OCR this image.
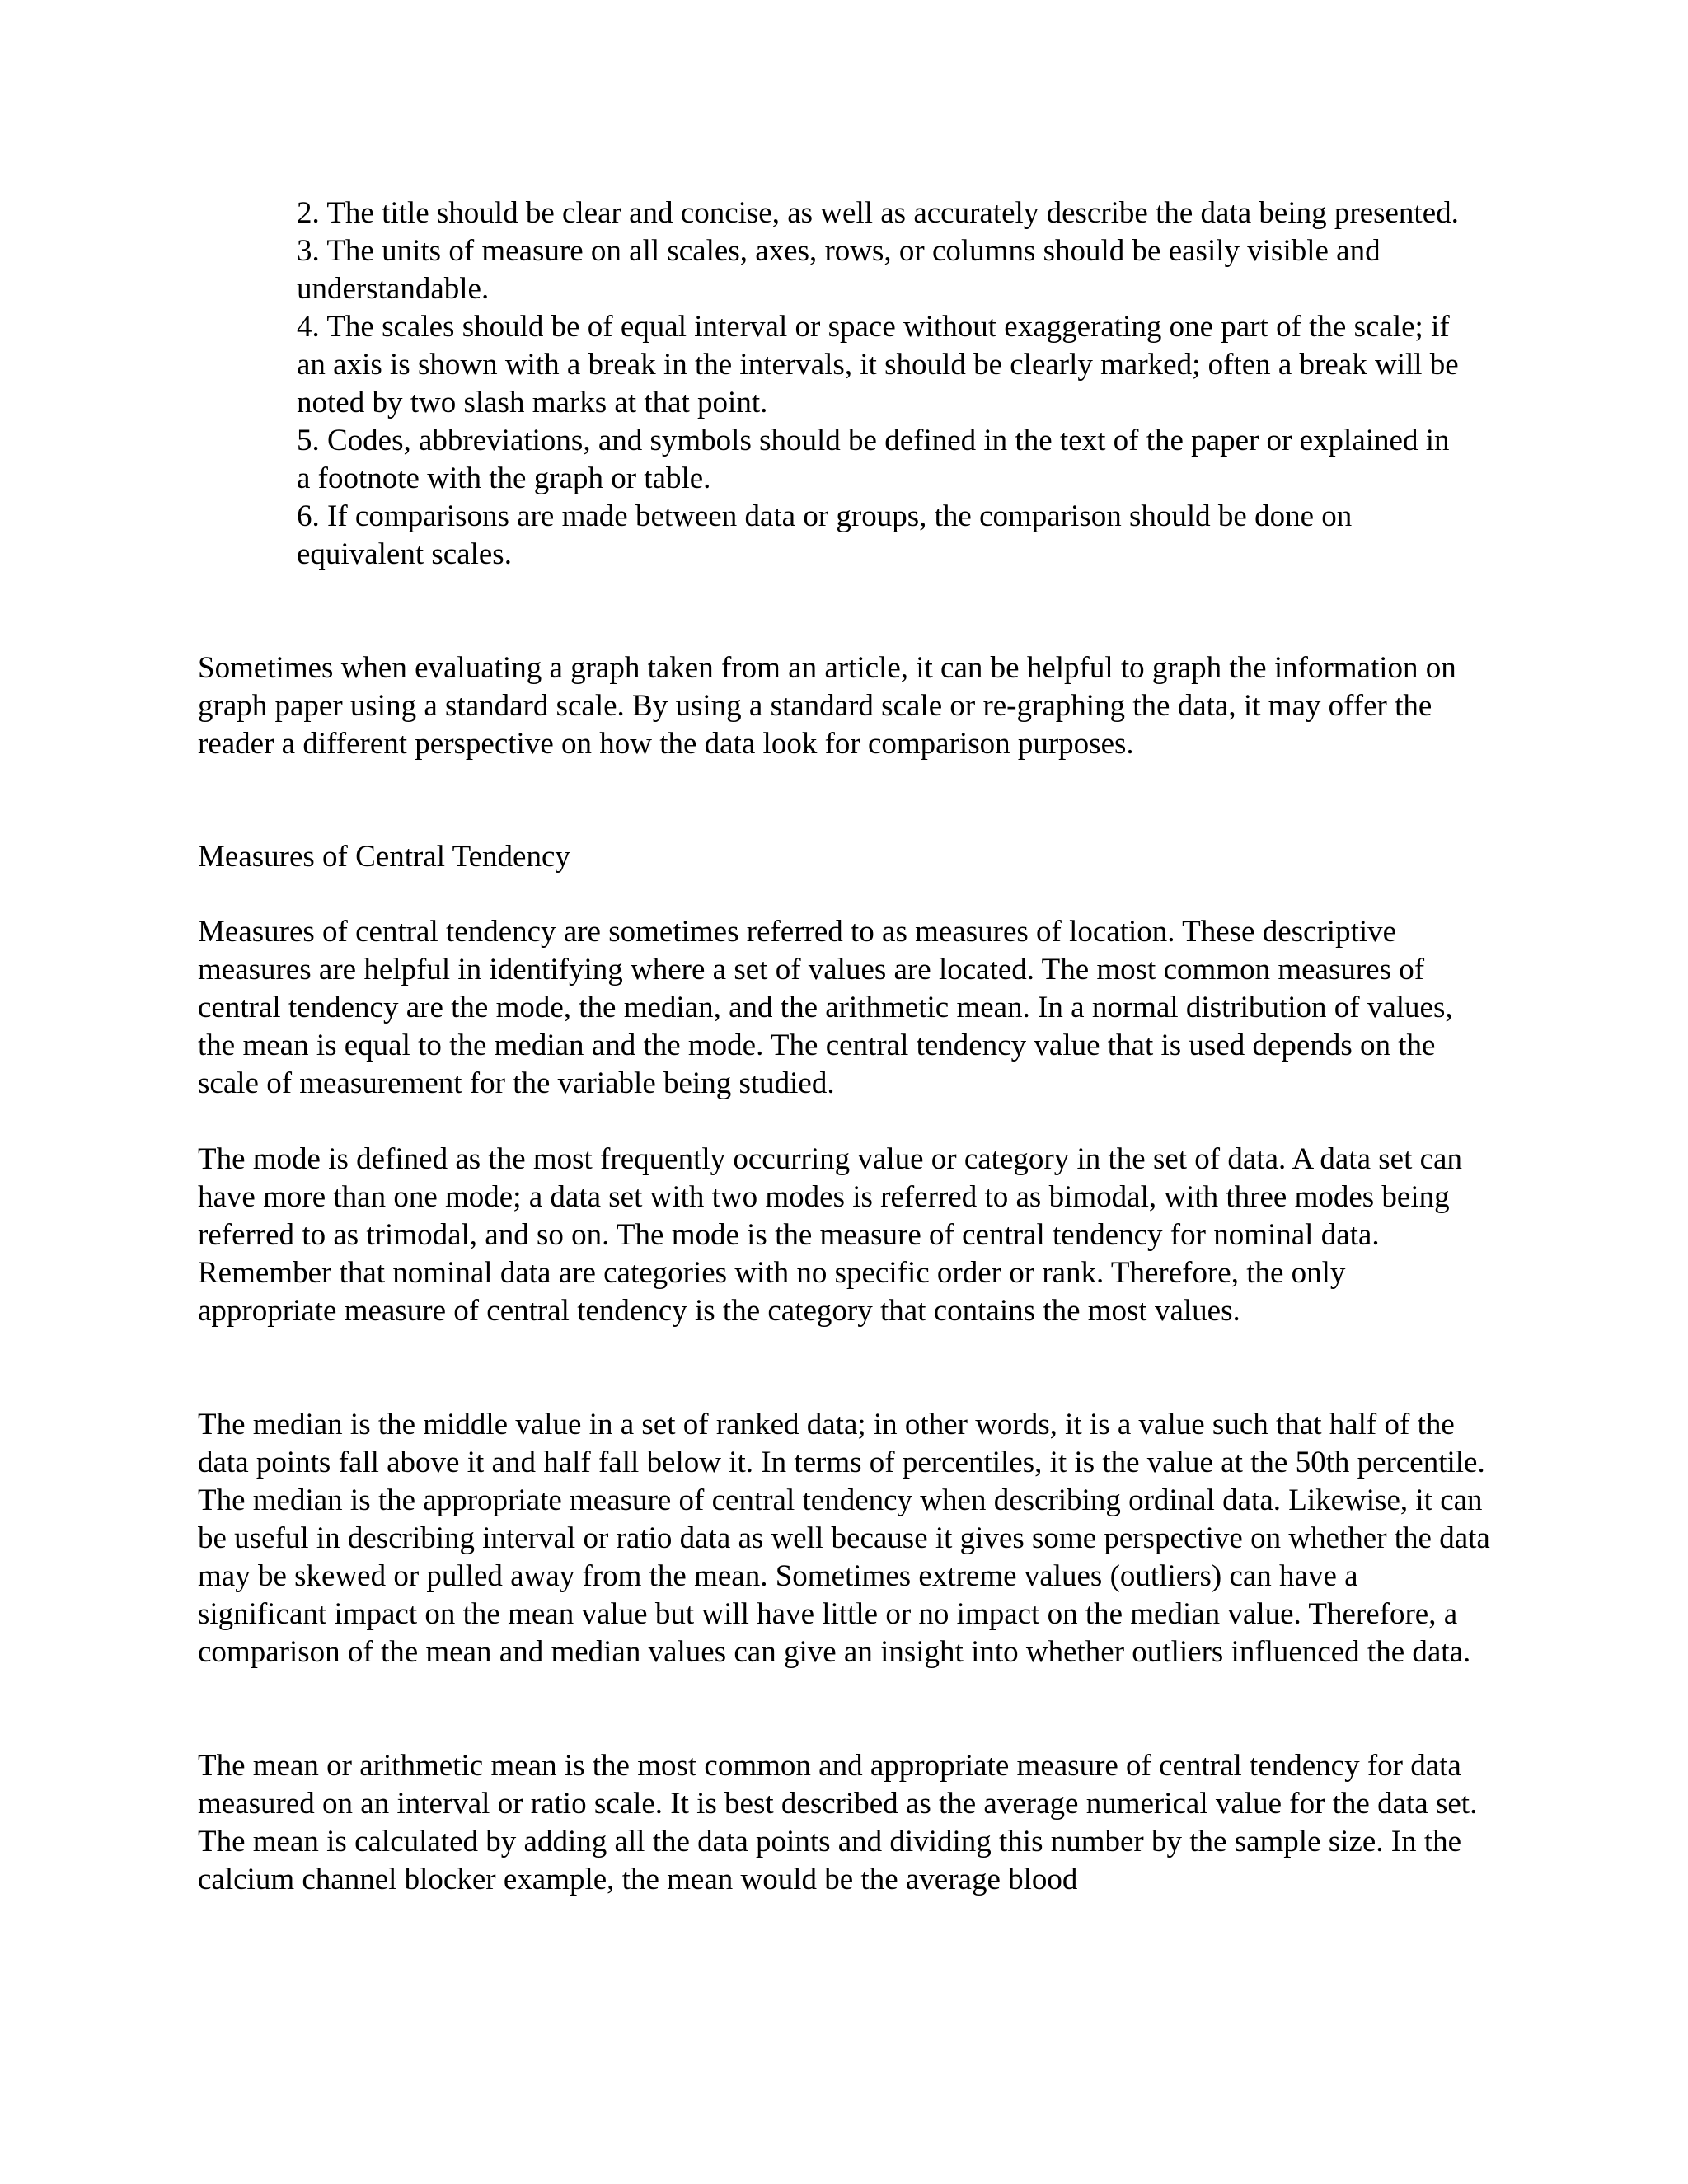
2. The title should be clear and concise, as well as accurately describe the data being presented.

3. The units of measure on all scales, axes, rows, or columns should be easily visible and understandable.

4. The scales should be of equal interval or space without exaggerating one part of the scale; if an axis is shown with a break in the intervals, it should be clearly marked; often a break will be noted by two slash marks at that point.

5. Codes, abbreviations, and symbols should be defined in the text of the paper or explained in a footnote with the graph or table.

6. If comparisons are made between data or groups, the comparison should be done on equivalent scales.

Sometimes when evaluating a graph taken from an article, it can be helpful to graph the information on graph paper using a standard scale. By using a standard scale or re-graphing the data, it may offer the reader a different perspective on how the data look for comparison purposes.

Measures of Central Tendency

Measures of central tendency are sometimes referred to as measures of location. These descriptive measures are helpful in identifying where a set of values are located. The most common measures of central tendency are the mode, the median, and the arithmetic mean. In a normal distribution of values, the mean is equal to the median and the mode. The central tendency value that is used depends on the scale of measurement for the variable being studied.

The mode is defined as the most frequently occurring value or category in the set of data. A data set can have more than one mode; a data set with two modes is referred to as bimodal, with three modes being referred to as trimodal, and so on. The mode is the measure of central tendency for nominal data. Remember that nominal data are categories with no specific order or rank. Therefore, the only appropriate measure of central tendency is the category that contains the most values.

The median is the middle value in a set of ranked data; in other words, it is a value such that half of the data points fall above it and half fall below it. In terms of percentiles, it is the value at the 50th percentile. The median is the appropriate measure of central tendency when describing ordinal data. Likewise, it can be useful in describing interval or ratio data as well because it gives some perspective on whether the data may be skewed or pulled away from the mean. Sometimes extreme values (outliers) can have a significant impact on the mean value but will have little or no impact on the median value. Therefore, a comparison of the mean and median values can give an insight into whether outliers influenced the data.

The mean or arithmetic mean is the most common and appropriate measure of central tendency for data measured on an interval or ratio scale. It is best described as the average numerical value for the data set. The mean is calculated by adding all the data points and dividing this number by the sample size. In the calcium channel blocker example, the mean would be the average blood
